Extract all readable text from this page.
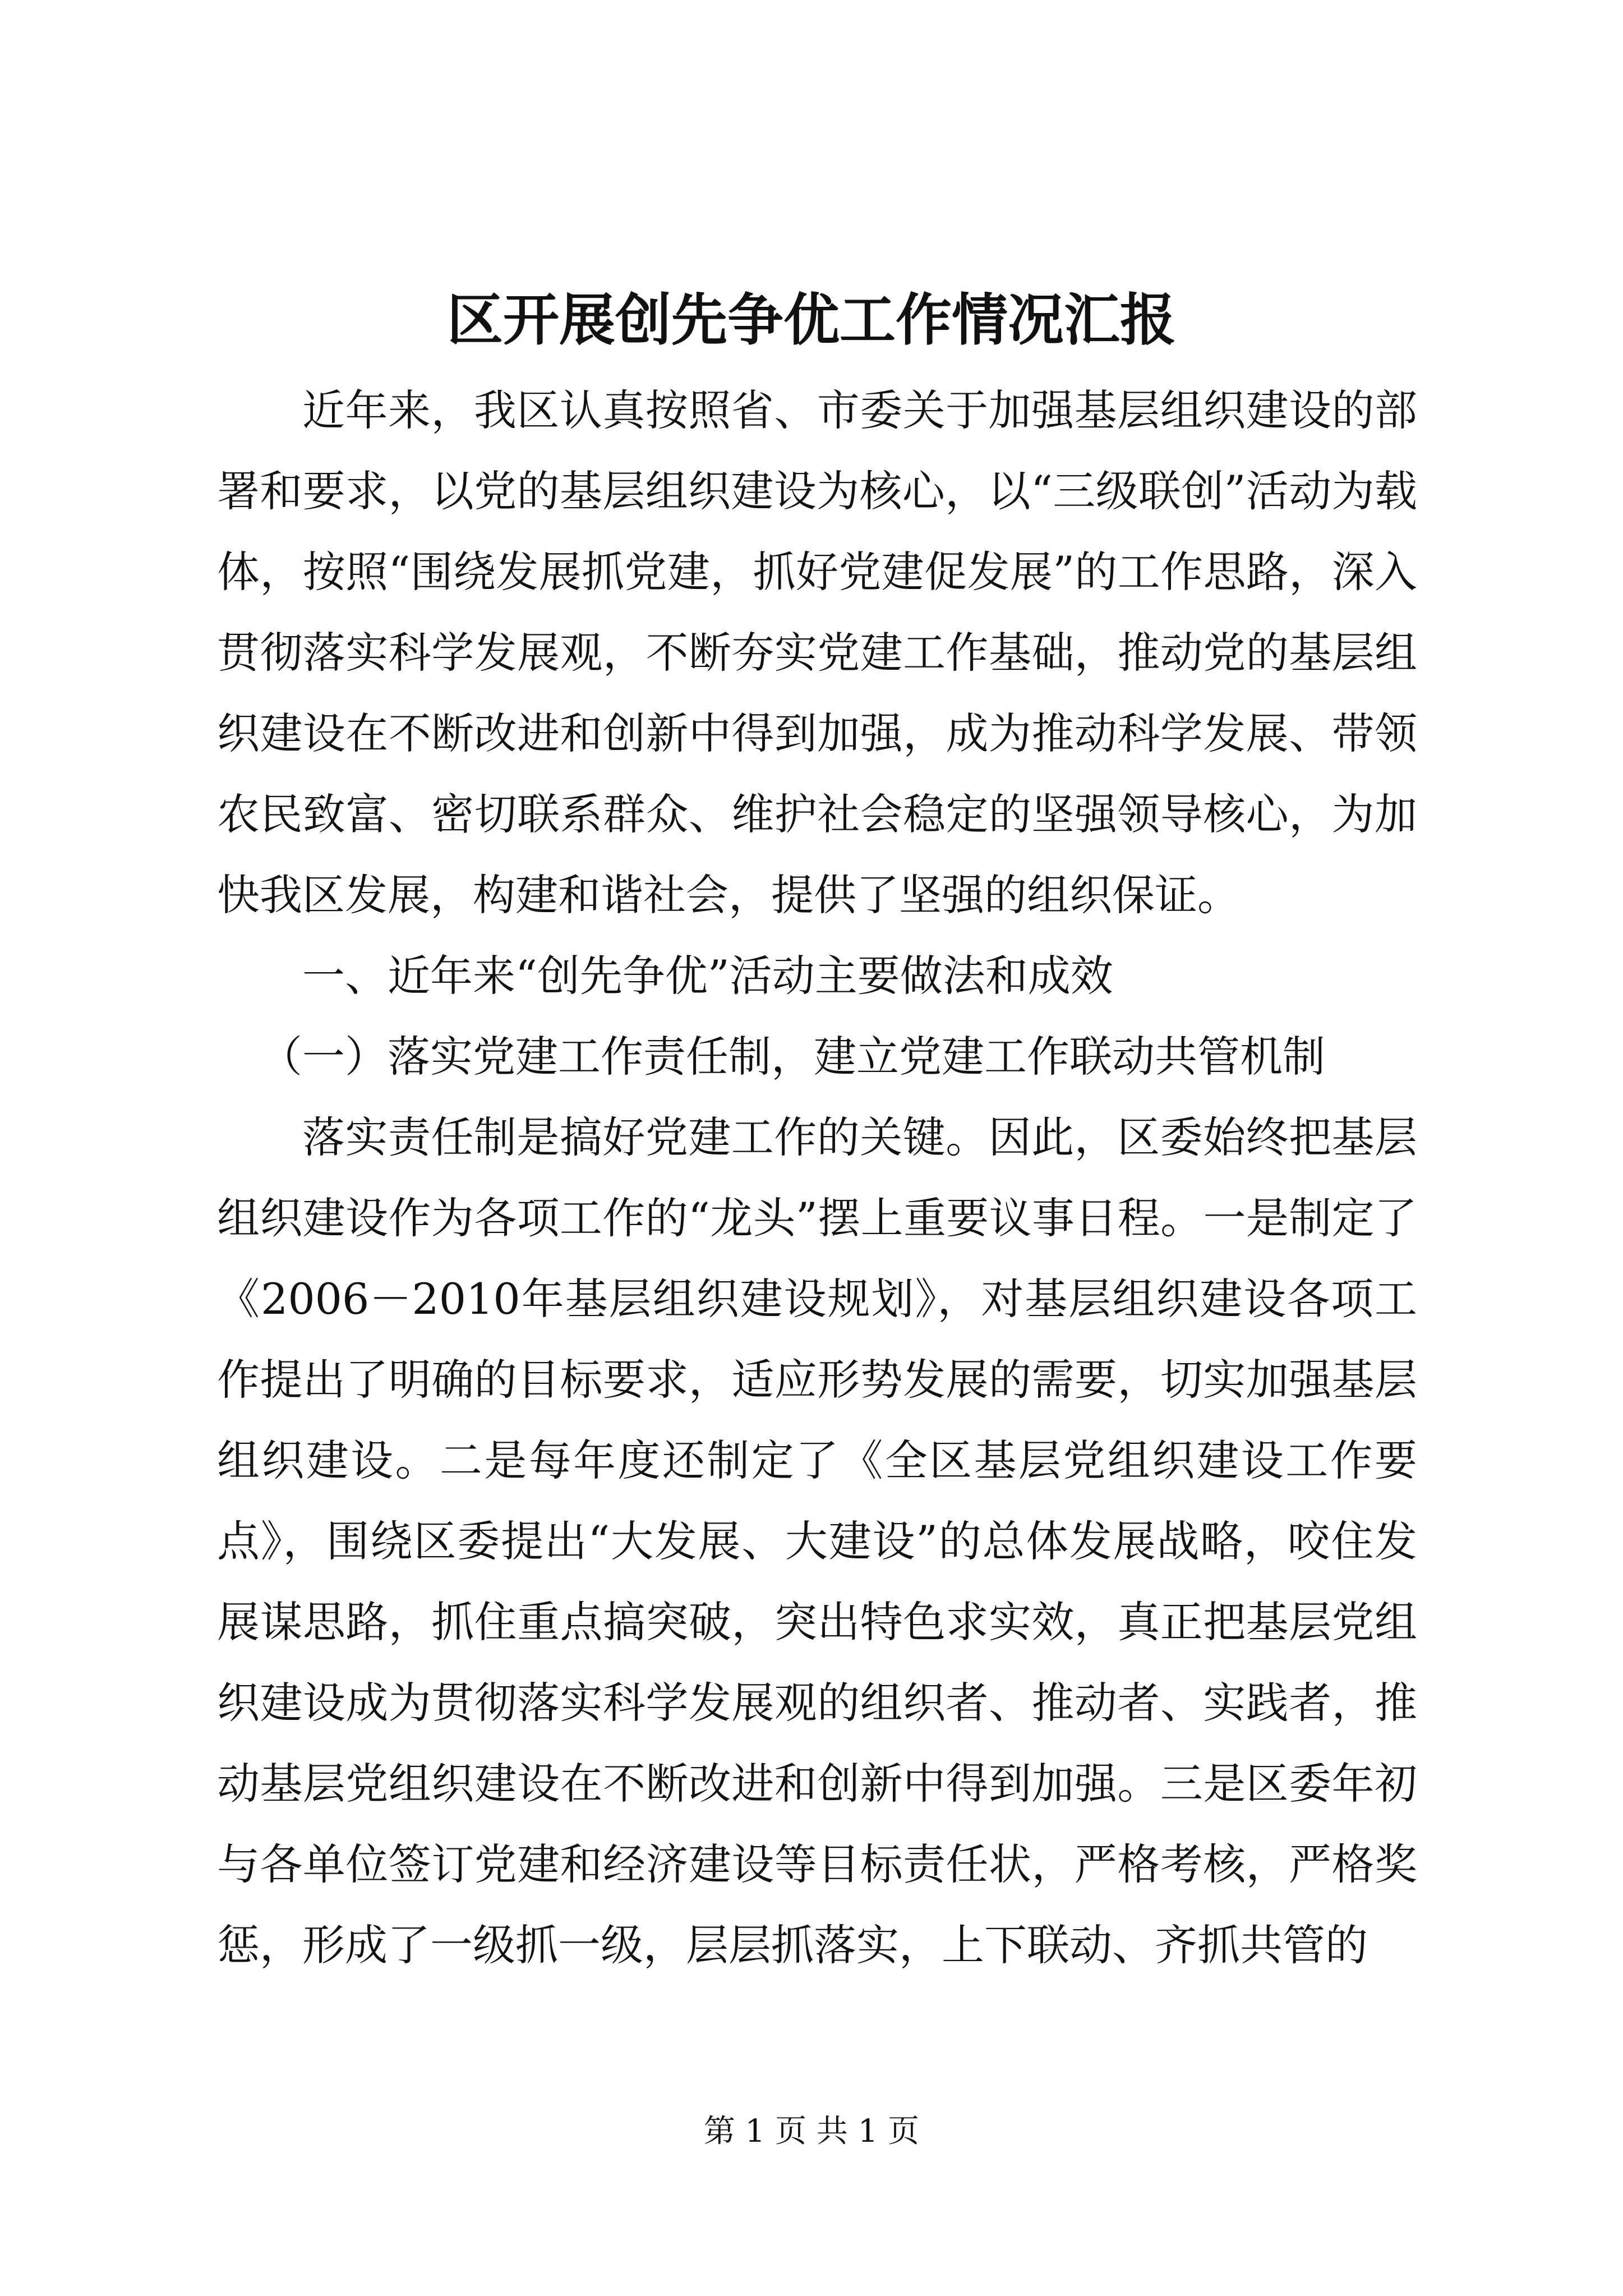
区开展创先争优工作情况汇报

近年来，我区认真按照省、市委关于加强基层组织建设的部署和要求，以党的基层组织建设为核心，以“三级联创”活动为载体，按照“围绕发展抓党建，抓好党建促发展”的工作思路，深入贯彻落实科学发展观，不断夯实党建工作基础，推动党的基层组织建设在不断改进和创新中得到加强，成为推动科学发展、带领农民致富、密切联系群众、维护社会稳定的坚强领导核心，为加快我区发展，构建和谐社会，提供了坚强的组织保证。

一、近年来“创先争优”活动主要做法和成效

（一）落实党建工作责任制，建立党建工作联动共管机制

落实责任制是搞好党建工作的关键。因此，区委始终把基层组织建设作为各项工作的“龙头”摆上重要议事日程。一是制定了《2006－2010年基层组织建设规划》，对基层组织建设各项工作提出了明确的目标要求，适应形势发展的需要，切实加强基层组织建设。二是每年度还制定了《全区基层党组织建设工作要点》，围绕区委提出“大发展、大建设”的总体发展战略，咬住发展谋思路，抓住重点搞突破，突出特色求实效，真正把基层党组织建设成为贯彻落实科学发展观的组织者、推动者、实践者，推动基层党组织建设在不断改进和创新中得到加强。三是区委年初与各单位签订党建和经济建设等目标责任状，严格考核，严格奖惩，形成了一级抓一级，层层抓落实，上下联动、齐抓共管的

第 1 页 共 1 页
